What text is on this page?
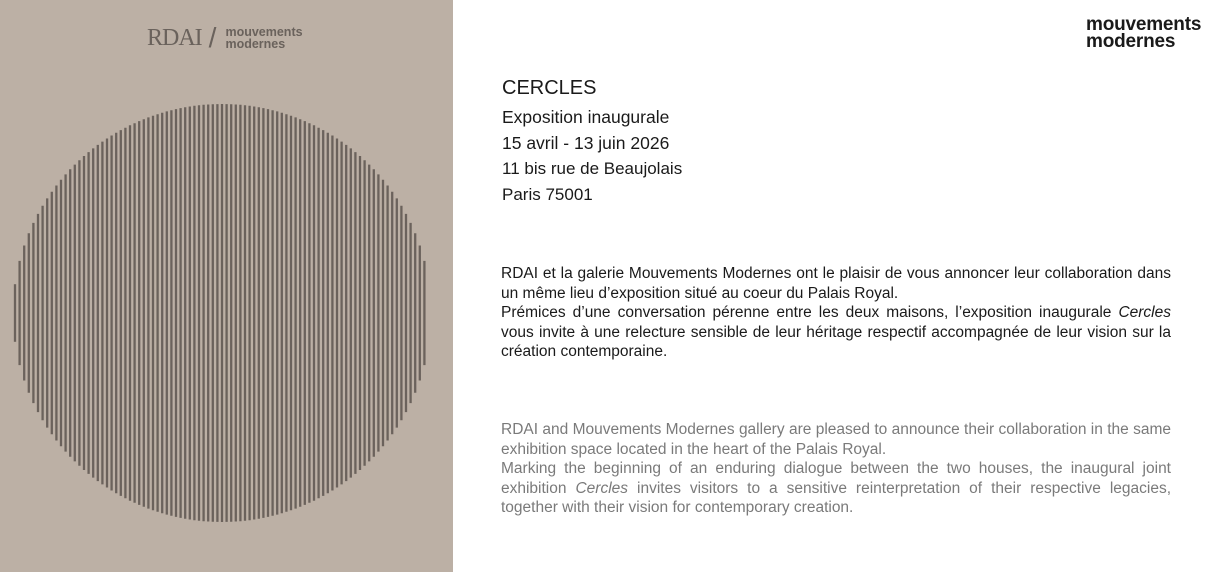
RDAI / mouvements
modernes
mouvements
modernes
CERCLES
Exposition inaugurale
15 avril - 13 juin 2026
11 bis rue de Beaujolais
Paris 75001

RDAI et la galerie Mouvements Modernes ont le plaisir de vous annoncer leur collaboration dans un même lieu d’exposition situé au coeur du Palais Royal.

Prémices d’une conversation pérenne entre les deux maisons, l’exposition inaugurale Cercles vous invite à une relecture sensible de leur héritage respectif accompagnée de leur vision sur la création contemporaine.

RDAI and Mouvements Modernes gallery are pleased to announce their collaboration in the same exhibition space located in the heart of the Palais Royal.

Marking the beginning of an enduring dialogue between the two houses, the inaugural joint exhibition Cercles invites visitors to a sensitive reinterpretation of their respective legacies, together with their vision for contemporary creation.
